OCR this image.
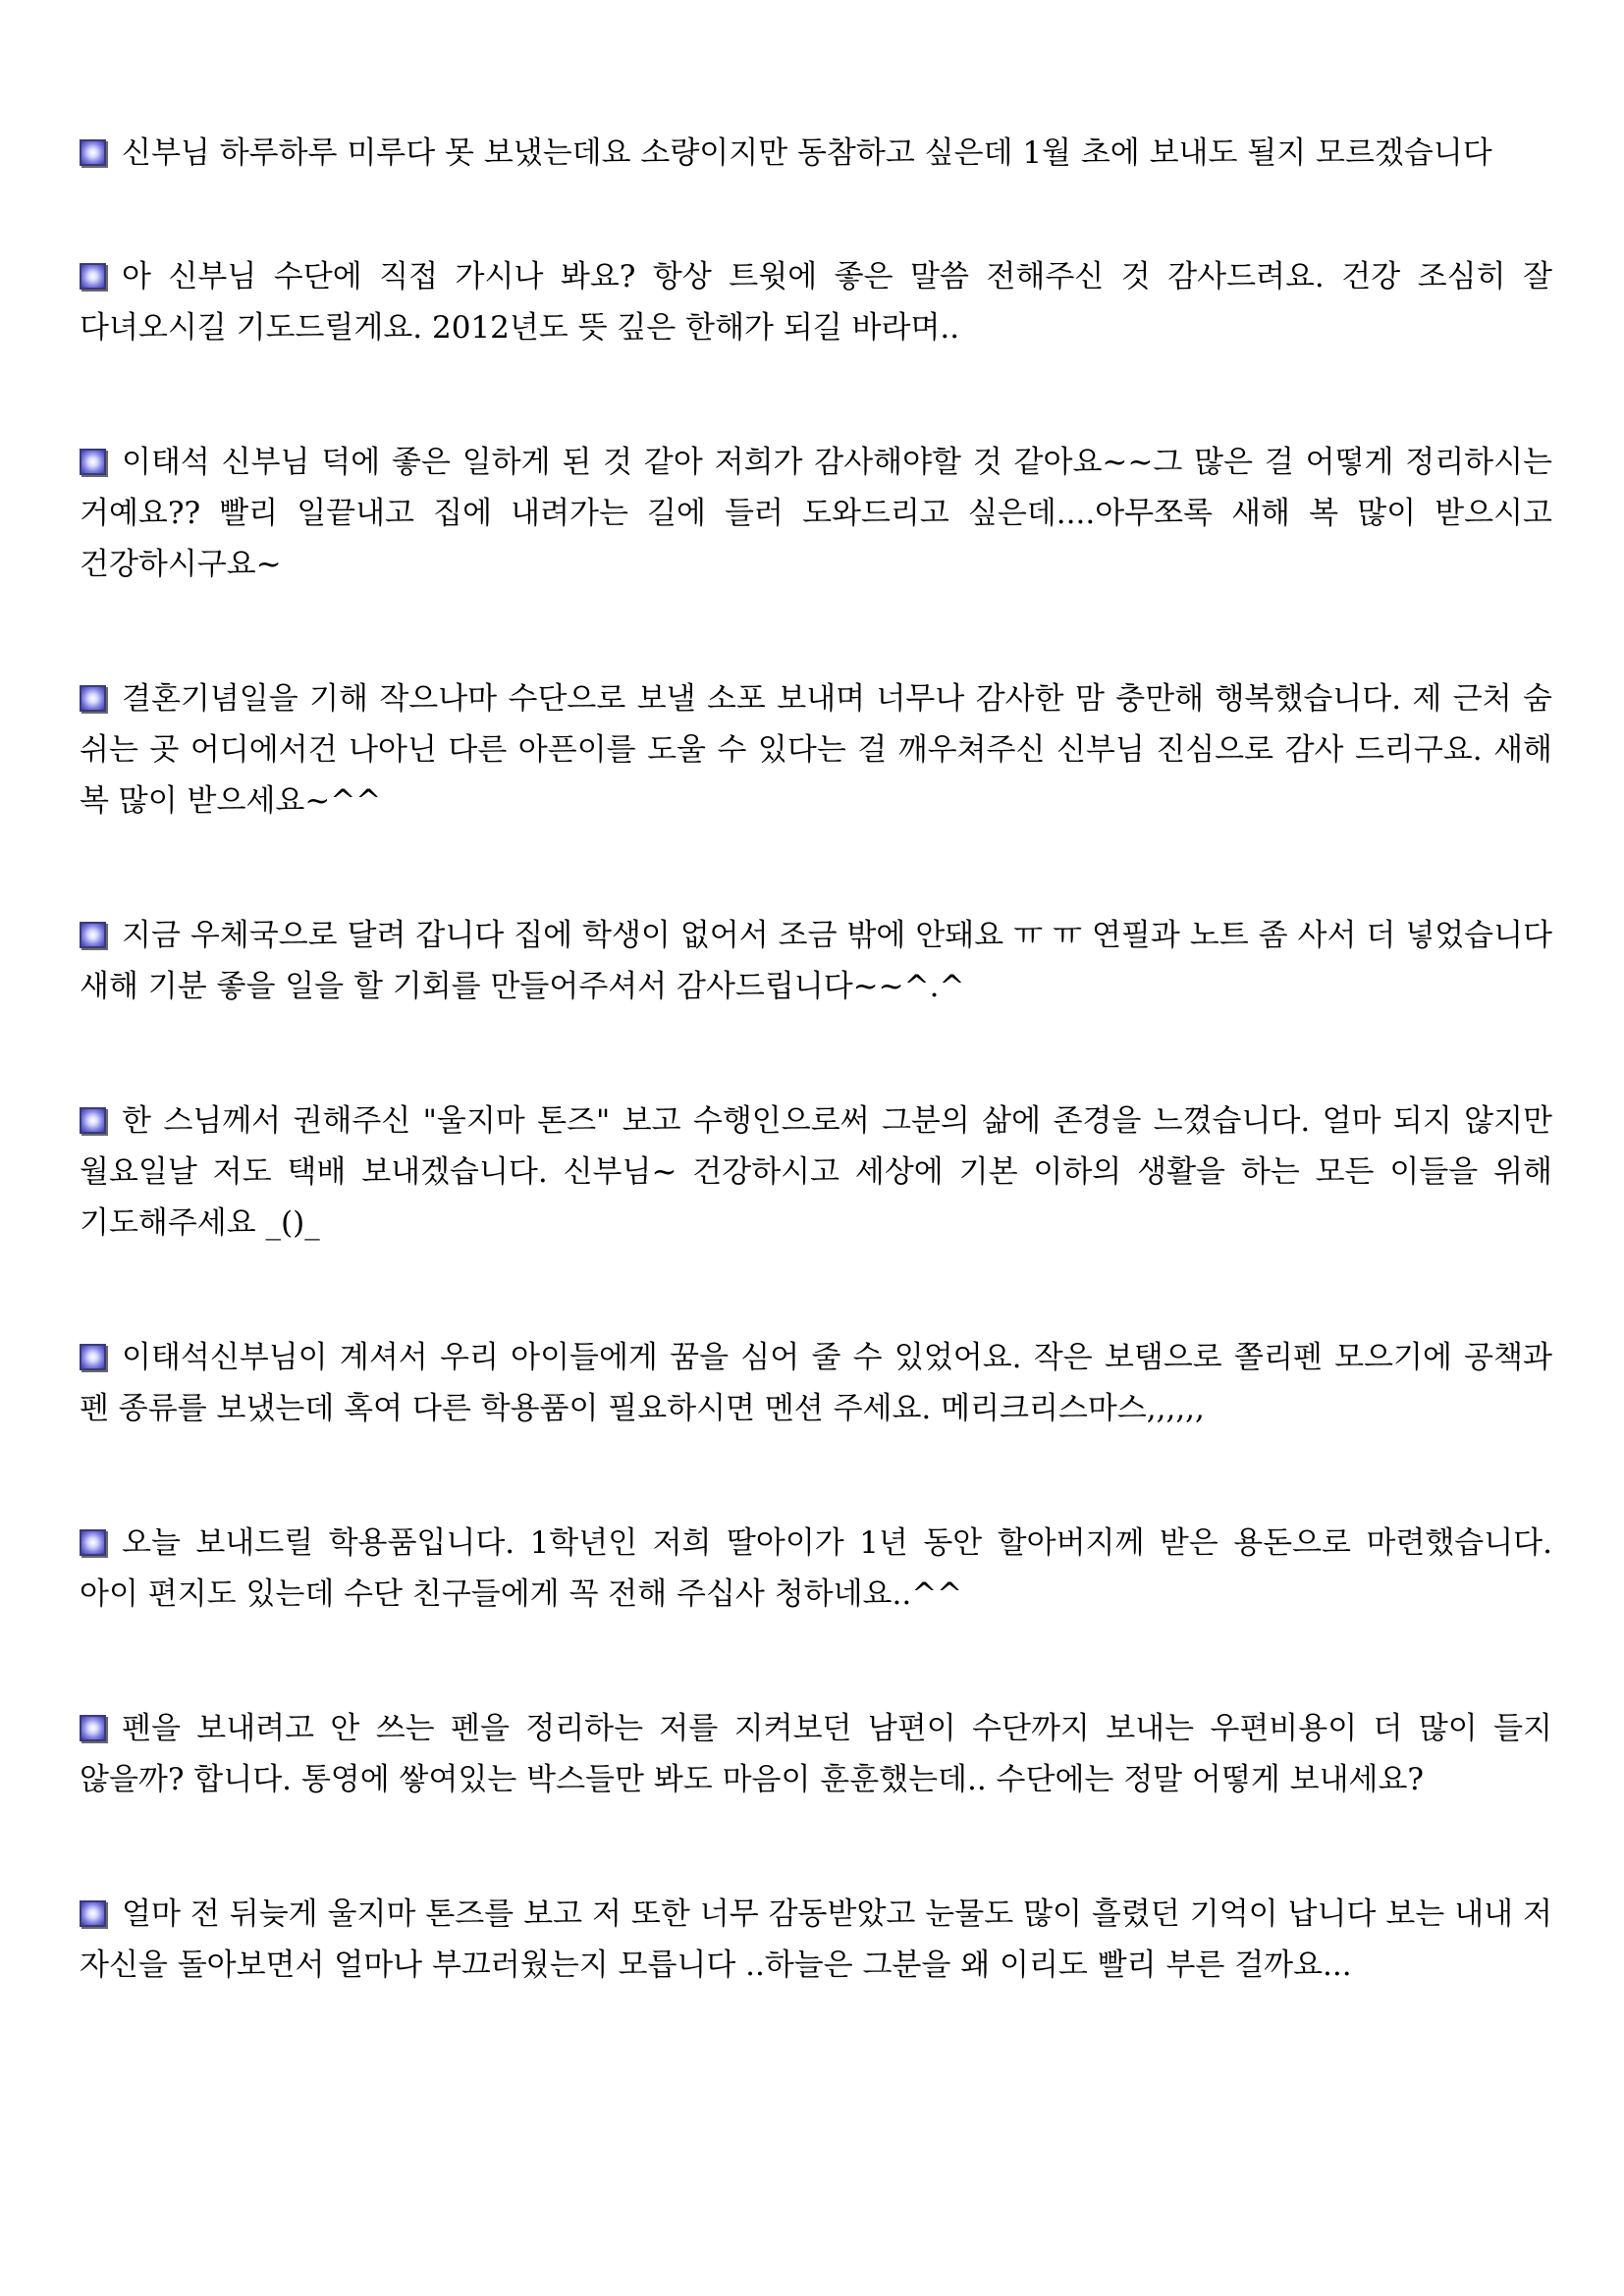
신부님 하루하루 미루다 못 보냈는데요 소량이지만 동참하고 싶은데 1월 초에 보내도 될지 모르겠습니다
아 신부님 수단에 직접 가시나 봐요? 항상 트윗에 좋은 말씀 전해주신 것 감사드려요. 건강 조심히 잘 다녀오시길 기도드릴게요. 2012년도 뜻 깊은 한해가 되길 바라며..
이태석 신부님 덕에 좋은 일하게 된 것 같아 저희가 감사해야할 것 같아요~~그 많은 걸 어떻게 정리하시는 거예요?? 빨리 일끝내고 집에 내려가는 길에 들러 도와드리고 싶은데....아무쪼록 새해 복 많이 받으시고 건강하시구요~
결혼기념일을 기해 작으나마 수단으로 보낼 소포 보내며 너무나 감사한 맘 충만해 행복했습니다. 제 근처 숨 쉬는 곳 어디에서건 나아닌 다른 아픈이를 도울 수 있다는 걸 깨우쳐주신 신부님 진심으로 감사 드리구요. 새해 복 많이 받으세요~^^
지금 우체국으로 달려 갑니다 집에 학생이 없어서 조금 밖에 안돼요 ㅠ ㅠ 연필과 노트 좀 사서 더 넣었습니다 새해 기분 좋을 일을 할 기회를 만들어주셔서 감사드립니다~~^.^
한 스님께서 권해주신 "울지마 톤즈" 보고 수행인으로써 그분의 삶에 존경을 느꼈습니다. 얼마 되지 않지만 월요일날 저도 택배 보내겠습니다. 신부님~ 건강하시고 세상에 기본 이하의 생활을 하는 모든 이들을 위해 기도해주세요 _()_
이태석신부님이 계셔서 우리 아이들에게 꿈을 심어 줄 수 있었어요. 작은 보탬으로 쫄리펜 모으기에 공책과 펜 종류를 보냈는데 혹여 다른 학용품이 필요하시면 멘션 주세요. 메리크리스마스,,,,,,
오늘 보내드릴 학용품입니다. 1학년인 저희 딸아이가 1년 동안 할아버지께 받은 용돈으로 마련했습니다. 아이 편지도 있는데 수단 친구들에게 꼭 전해 주십사 청하네요..^^
펜을 보내려고 안 쓰는 펜을 정리하는 저를 지켜보던 남편이 수단까지 보내는 우편비용이 더 많이 들지 않을까? 합니다. 통영에 쌓여있는 박스들만 봐도 마음이 훈훈했는데.. 수단에는 정말 어떻게 보내세요?
얼마 전 뒤늦게 울지마 톤즈를 보고 저 또한 너무 감동받았고 눈물도 많이 흘렸던 기억이 납니다 보는 내내 저 자신을 돌아보면서 얼마나 부끄러웠는지 모릅니다 ..하늘은 그분을 왜 이리도 빨리 부른 걸까요...
